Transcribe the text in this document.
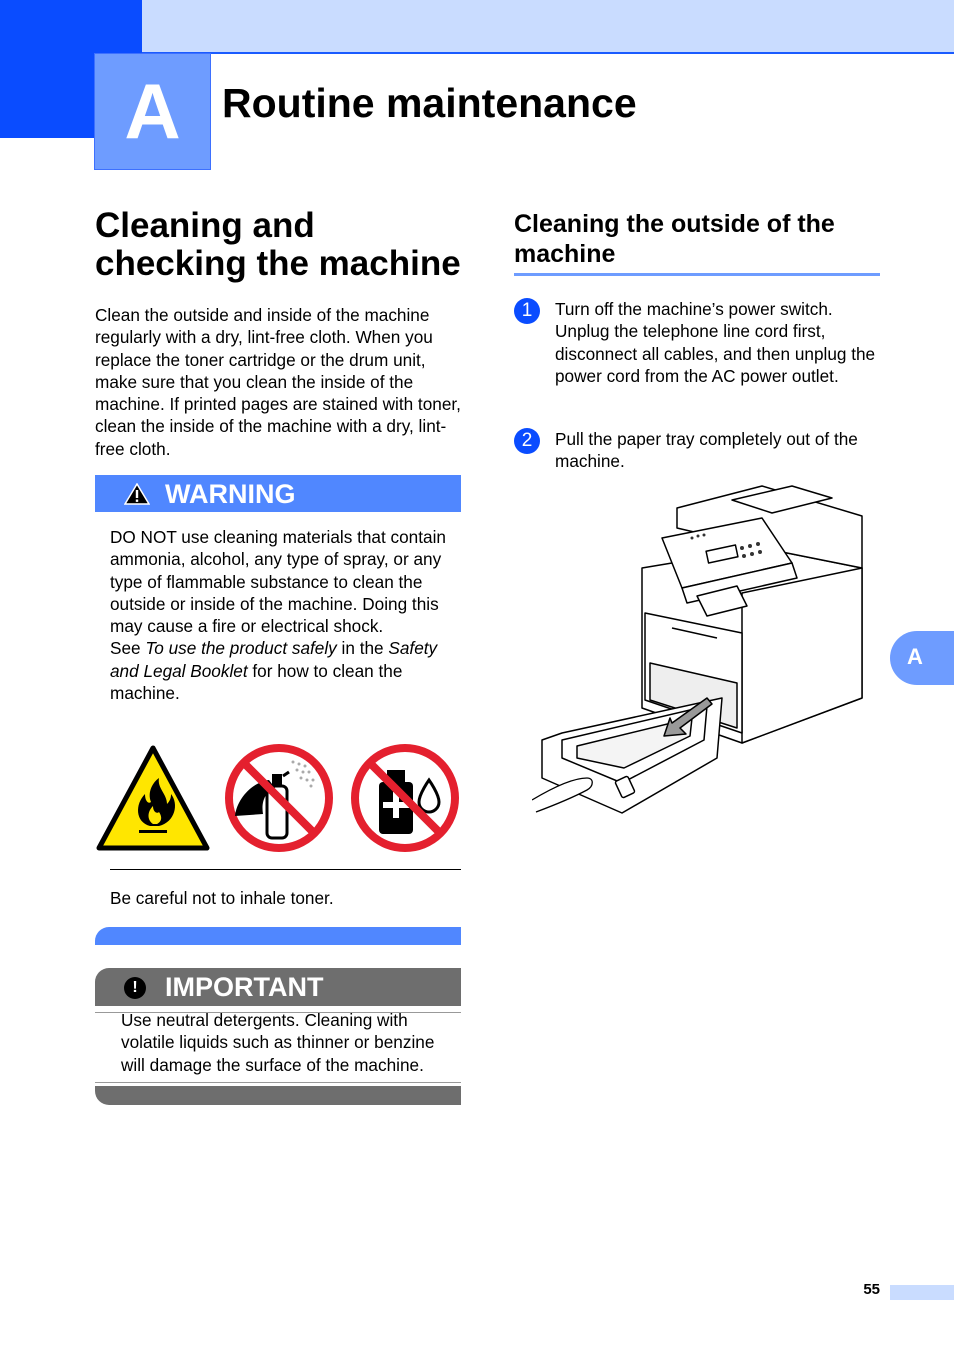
A	Routine maintenance
Cleaning and checking the machine
Clean the outside and inside of the machine regularly with a dry, lint-free cloth. When you replace the toner cartridge or the drum unit, make sure that you clean the inside of the machine. If printed pages are stained with toner, clean the inside of the machine with a dry, lint-free cloth.
WARNING
DO NOT use cleaning materials that contain ammonia, alcohol, any type of spray, or any type of flammable substance to clean the outside or inside of the machine. Doing this may cause a fire or electrical shock.
See To use the product safely in the Safety and Legal Booklet for how to clean the machine.
Be careful not to inhale toner.
!	IMPORTANT
Use neutral detergents. Cleaning with volatile liquids such as thinner or benzine will damage the surface of the machine.
Cleaning the outside of the machine
1	Turn off the machine’s power switch. Unplug the telephone line cord first, disconnect all cables, and then unplug the power cord from the AC power outlet.
2	Pull the paper tray completely out of the machine.
A
55
